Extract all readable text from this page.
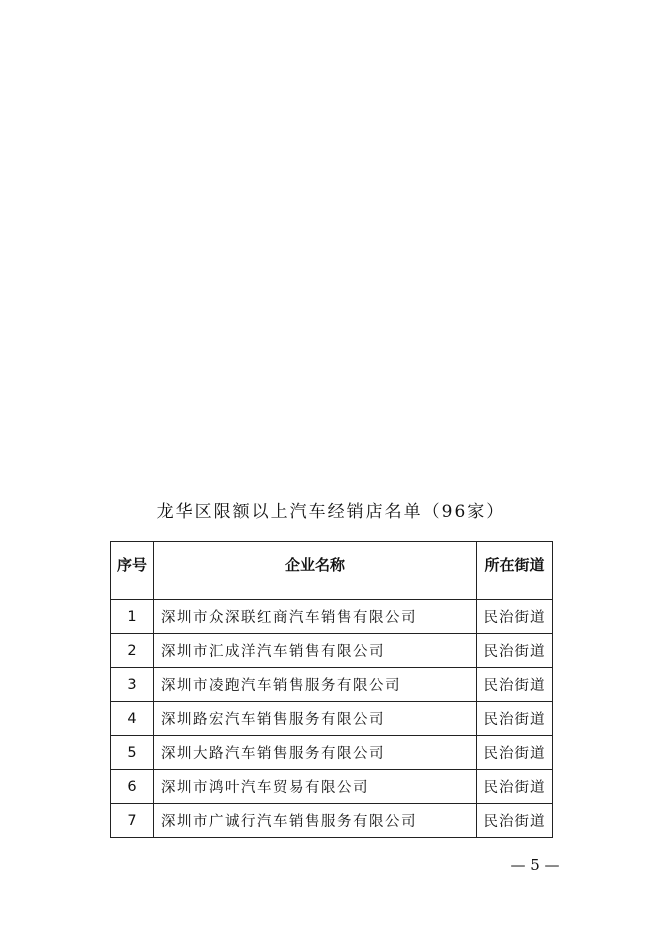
龙华区限额以上汽车经销店名单（96家）
序号	企业名称	所在街道
1	深圳市众深联红商汽车销售有限公司	民治街道
2	深圳市汇成洋汽车销售有限公司	民治街道
3	深圳市凌跑汽车销售服务有限公司	民治街道
4	深圳路宏汽车销售服务有限公司	民治街道
5	深圳大路汽车销售服务有限公司	民治街道
6	深圳市鸿叶汽车贸易有限公司	民治街道
7	深圳市广诚行汽车销售服务有限公司	民治街道
— 5 —
